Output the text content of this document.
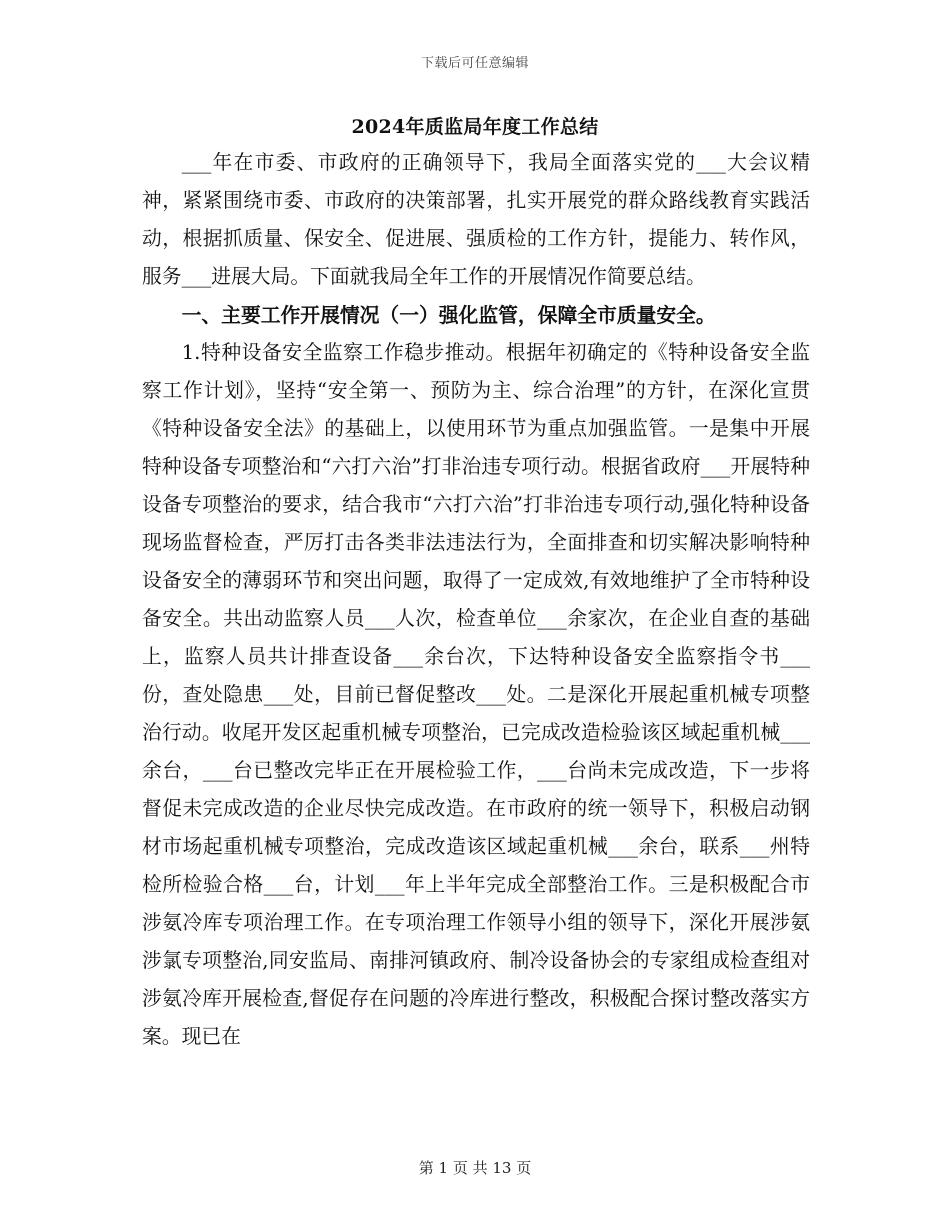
下载后可任意编辑
2024年质监局年度工作总结

___年在市委、市政府的正确领导下，我局全面落实党的___大会议精神，紧紧围绕市委、市政府的决策部署，扎实开展党的群众路线教育实践活动，根据抓质量、保安全、促进展、强质检的工作方针，提能力、转作风，服务___进展大局。下面就我局全年工作的开展情况作简要总结。

一、主要工作开展情况（一）强化监管，保障全市质量安全。

1.特种设备安全监察工作稳步推动。根据年初确定的《特种设备安全监察工作计划》，坚持“安全第一、预防为主、综合治理”的方针，在深化宣贯《特种设备安全法》的基础上，以使用环节为重点加强监管。一是集中开展特种设备专项整治和“六打六治”打非治违专项行动。根据省政府___开展特种设备专项整治的要求，结合我市“六打六治”打非治违专项行动,强化特种设备现场监督检查，严厉打击各类非法违法行为，全面排查和切实解决影响特种设备安全的薄弱环节和突出问题，取得了一定成效,有效地维护了全市特种设备安全。共出动监察人员___人次，检查单位___余家次，在企业自查的基础上，监察人员共计排查设备___余台次，下达特种设备安全监察指令书___份，查处隐患___处，目前已督促整改___处。二是深化开展起重机械专项整治行动。收尾开发区起重机械专项整治，已完成改造检验该区域起重机械___余台，___台已整改完毕正在开展检验工作，___台尚未完成改造，下一步将督促未完成改造的企业尽快完成改造。在市政府的统一领导下，积极启动钢材市场起重机械专项整治，完成改造该区域起重机械___余台，联系___州特检所检验合格___台，计划___年上半年完成全部整治工作。三是积极配合市涉氨冷库专项治理工作。在专项治理工作领导小组的领导下，深化开展涉氨涉氯专项整治,同安监局、南排河镇政府、制冷设备协会的专家组成检查组对涉氨冷库开展检查,督促存在问题的冷库进行整改，积极配合探讨整改落实方案。现已在

第 1 页 共 13 页
